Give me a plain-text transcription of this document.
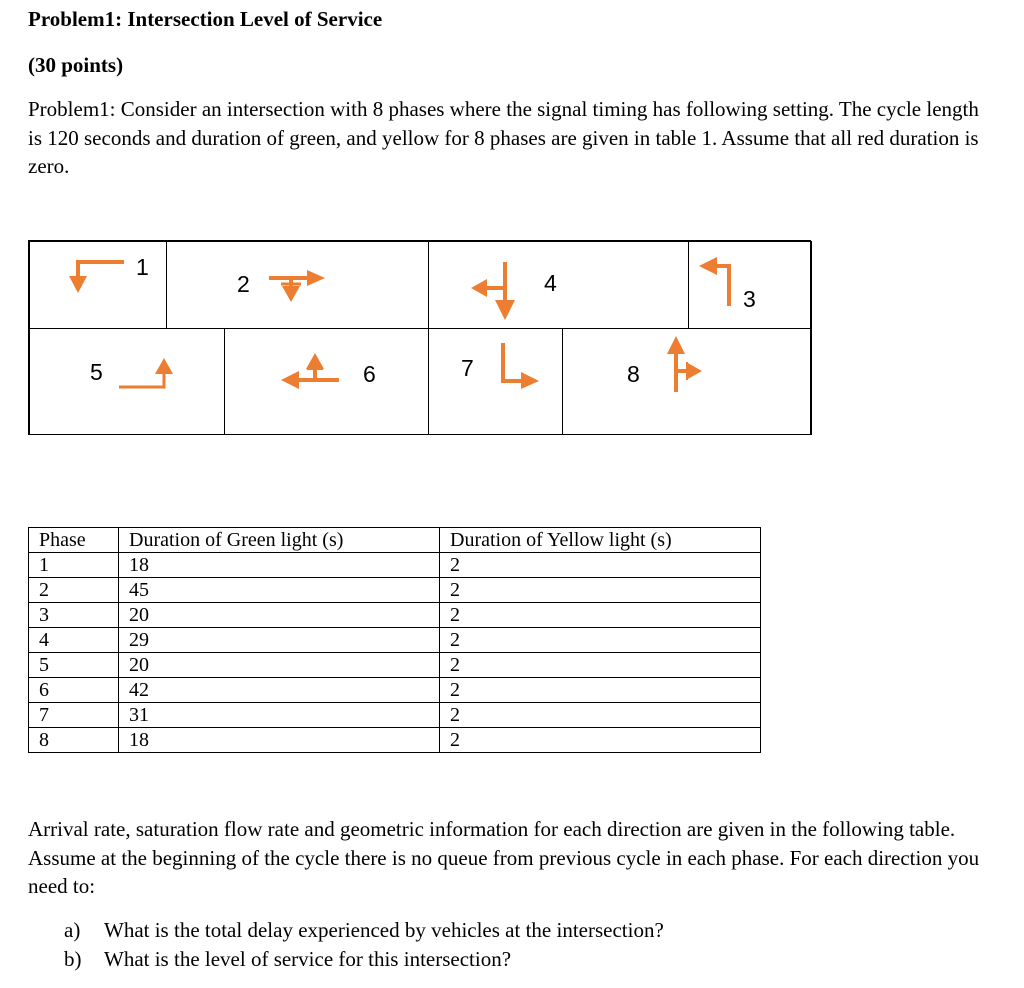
Problem1: Intersection Level of Service
(30 points)
Problem1: Consider an intersection with 8 phases where the signal timing has following setting. The cycle length is 120 seconds and duration of green, and yellow for 8 phases are given in table 1. Assume that all red duration is zero.
1
2	4
3
5	6	7	8
Phase	Duration of Green light (s)	Duration of Yellow light (s)
1	18	2
2	45	2
3	20	2
4	29	2
5	20	2
6	42	2
7	31	2
8	18	2
Arrival rate, saturation flow rate and geometric information for each direction are given in the following table. Assume at the beginning of the cycle there is no queue from previous cycle in each phase. For each direction you need to:
a)	What is the total delay experienced by vehicles at the intersection?
b)	What is the level of service for this intersection?
